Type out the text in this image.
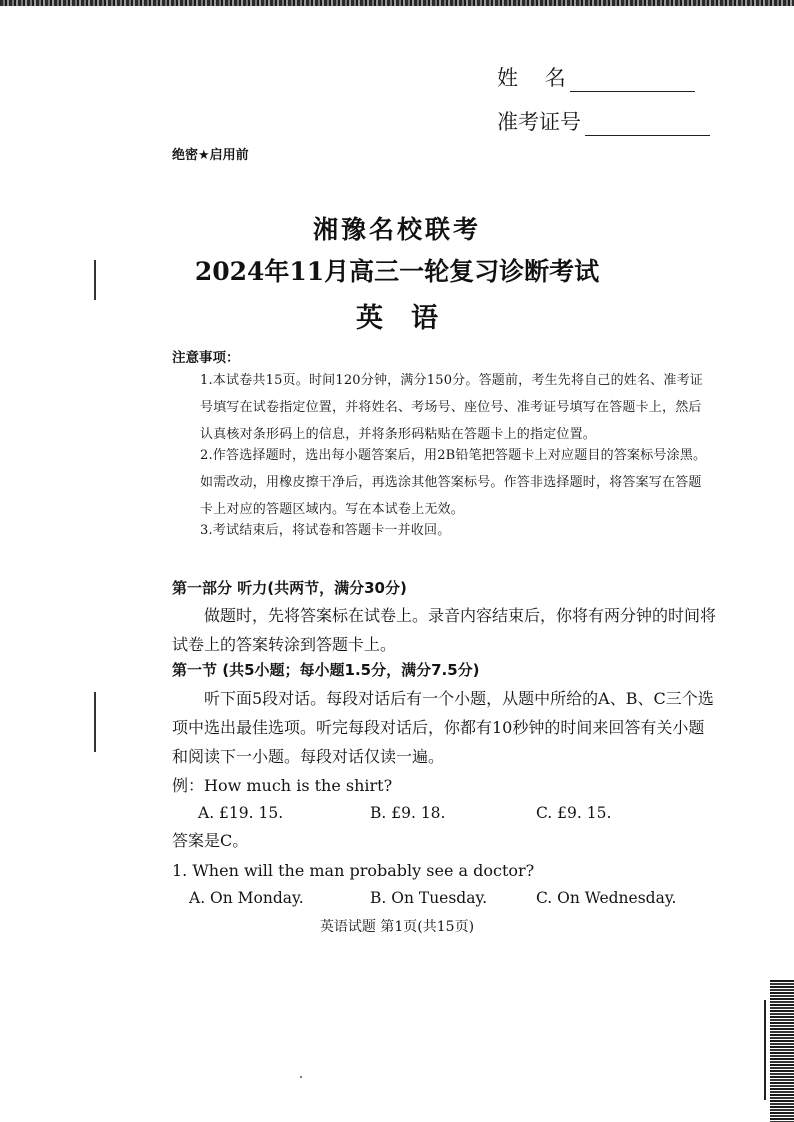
姓    名
准考证号
绝密★启用前
湘豫名校联考
2024年11月高三一轮复习诊断考试
英语
注意事项：
1.本试卷共15页。时间120分钟，满分150分。答题前，考生先将自己的姓名、准考证号填写在试卷指定位置，并将姓名、考场号、座位号、准考证号填写在答题卡上，然后认真核对条形码上的信息，并将条形码粘贴在答题卡上的指定位置。
2.作答选择题时，选出每小题答案后，用2B铅笔把答题卡上对应题目的答案标号涂黑。如需改动，用橡皮擦干净后，再选涂其他答案标号。作答非选择题时，将答案写在答题卡上对应的答题区域内。写在本试卷上无效。
3.考试结束后，将试卷和答题卡一并收回。
第一部分 听力(共两节，满分30分)
做题时，先将答案标在试卷上。录音内容结束后，你将有两分钟的时间将试卷上的答案转涂到答题卡上。
第一节 (共5小题；每小题1.5分，满分7.5分)
听下面5段对话。每段对话后有一个小题，从题中所给的A、B、C三个选项中选出最佳选项。听完每段对话后，你都有10秒钟的时间来回答有关小题和阅读下一小题。每段对话仅读一遍。
例：How much is the shirt?
A. £19. 15.	B. £9. 18.	C. £9. 15.
答案是C。
1. When will the man probably see a doctor?
A. On Monday.	B. On Tuesday.	C. On Wednesday.
英语试题 第1页(共15页)
